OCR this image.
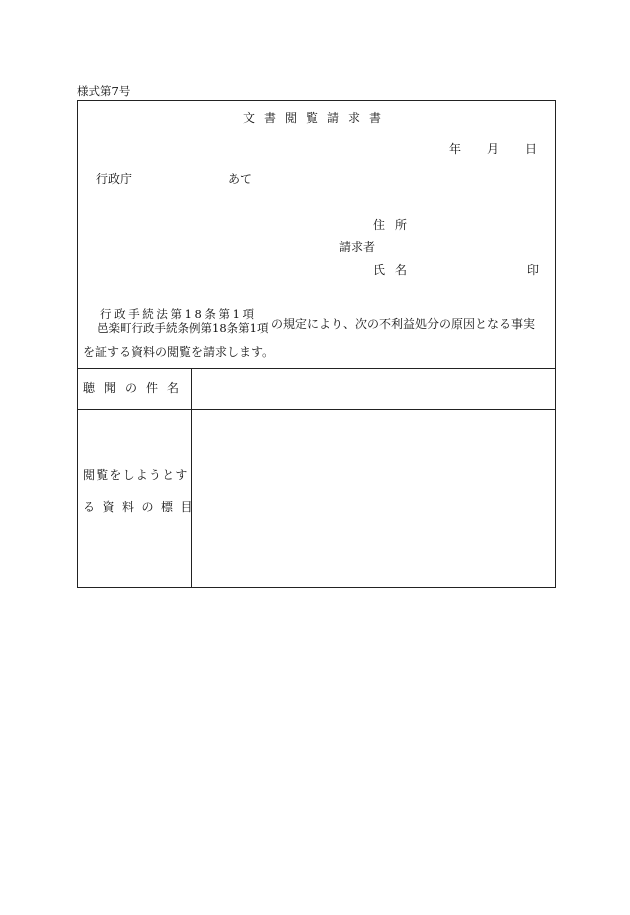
様式第7号
文書閲覧請求書
年 月 日
行政庁	あて
住所
請求者
氏名	印
行政手続法第18条第1項
邑楽町行政手続条例第18条第1項 の規定により、次の不利益処分の原因となる事実
を証する資料の閲覧を請求します。
聴聞の件名
閲覧をしようとす
る資料の標目
